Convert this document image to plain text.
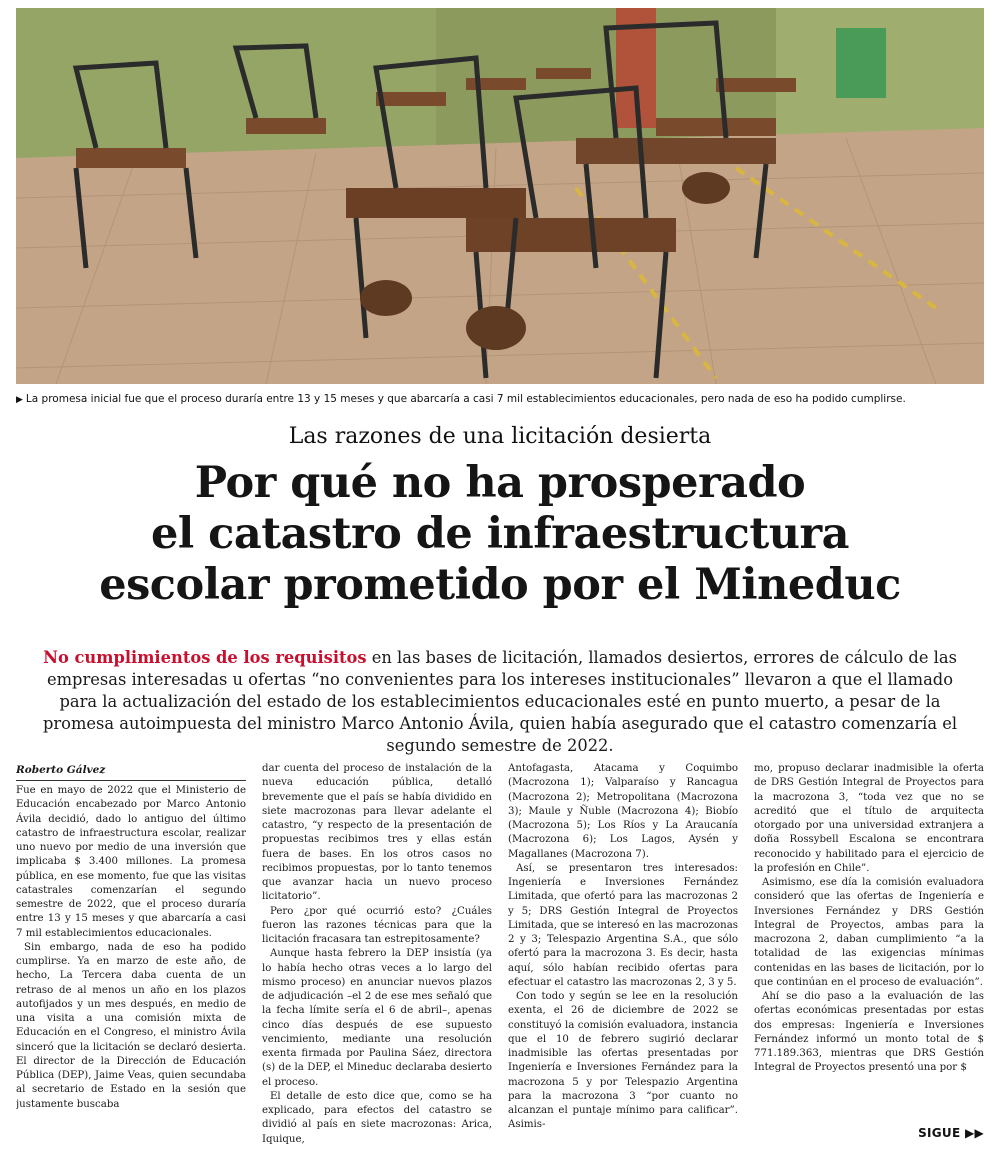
▶ La promesa inicial fue que el proceso duraría entre 13 y 15 meses y que abarcaría a casi 7 mil establecimientos educacionales, pero nada de eso ha podido cumplirse.
Las razones de una licitación desierta
Por qué no ha prosperado
el catastro de infraestructura
escolar prometido por el Mineduc
No cumplimientos de los requisitos en las bases de licitación, llamados desiertos, errores de cálculo de las empresas interesadas u ofertas “no convenientes para los intereses institucionales” llevaron a que el llamado para la actualización del estado de los establecimientos educacionales esté en punto muerto, a pesar de la promesa autoimpuesta del ministro Marco Antonio Ávila, quien había asegurado que el catastro comenzaría el segundo semestre de 2022.
Roberto Gálvez

Fue en mayo de 2022 que el Ministerio de Educación encabezado por Marco Antonio Ávila decidió, dado lo antiguo del último catastro de infraestructura escolar, realizar uno nuevo por medio de una inversión que implicaba $ 3.400 millones. La promesa pública, en ese momento, fue que las visitas catastrales comenzarían el segundo semestre de 2022, que el proceso duraría entre 13 y 15 meses y que abarcaría a casi 7 mil establecimientos educacionales.

Sin embargo, nada de eso ha podido cumplirse. Ya en marzo de este año, de hecho, La Tercera daba cuenta de un retraso de al menos un año en los plazos autofijados y un mes después, en medio de una visita a una comisión mixta de Educación en el Congreso, el ministro Ávila sinceró que la licitación se declaró desierta. El director de la Dirección de Educación Pública (DEP), Jaime Veas, quien secundaba al secretario de Estado en la sesión que justamente buscaba

dar cuenta del proceso de instalación de la nueva educación pública, detalló brevemente que el país se había dividido en siete macrozonas para llevar adelante el catastro, “y respecto de la presentación de propuestas recibimos tres y ellas están fuera de bases. En los otros casos no recibimos propuestas, por lo tanto tenemos que avanzar hacia un nuevo proceso licitatorio”.

Pero ¿por qué ocurrió esto? ¿Cuáles fueron las razones técnicas para que la licitación fracasara tan estrepitosamente?

Aunque hasta febrero la DEP insistía (ya lo había hecho otras veces a lo largo del mismo proceso) en anunciar nuevos plazos de adjudicación –el 2 de ese mes señaló que la fecha límite sería el 6 de abril–, apenas cinco días después de ese supuesto vencimiento, mediante una resolución exenta firmada por Paulina Sáez, directora (s) de la DEP, el Mineduc declaraba desierto el proceso.

El detalle de esto dice que, como se ha explicado, para efectos del catastro se dividió al país en siete macrozonas: Arica, Iquique,

Antofagasta, Atacama y Coquimbo (Macrozona 1); Valparaíso y Rancagua (Macrozona 2); Metropolitana (Macrozona 3); Maule y Ñuble (Macrozona 4); Biobío (Macrozona 5); Los Ríos y La Araucanía (Macrozona 6); Los Lagos, Aysén y Magallanes (Macrozona 7).

Así, se presentaron tres interesados: Ingeniería e Inversiones Fernández Limitada, que ofertó para las macrozonas 2 y 5; DRS Gestión Integral de Proyectos Limitada, que se interesó en las macrozonas 2 y 3; Telespazio Argentina S.A., que sólo ofertó para la macrozona 3. Es decir, hasta aquí, sólo habían recibido ofertas para efectuar el catastro las macrozonas 2, 3 y 5.

Con todo y según se lee en la resolución exenta, el 26 de diciembre de 2022 se constituyó la comisión evaluadora, instancia que el 10 de febrero sugirió declarar inadmisible las ofertas presentadas por Ingeniería e Inversiones Fernández para la macrozona 5 y por Telespazio Argentina para la macrozona 3 “por cuanto no alcanzan el puntaje mínimo para calificar”. Asimis-

mo, propuso declarar inadmisible la oferta de DRS Gestión Integral de Proyectos para la macrozona 3, “toda vez que no se acreditó que el título de arquitecta otorgado por una universidad extranjera a doña Rossybell Escalona se encontrara reconocido y habilitado para el ejercicio de la profesión en Chile”.

Asimismo, ese día la comisión evaluadora consideró que las ofertas de Ingeniería e Inversiones Fernández y DRS Gestión Integral de Proyectos, ambas para la macrozona 2, daban cumplimiento “a la totalidad de las exigencias mínimas contenidas en las bases de licitación, por lo que continúan en el proceso de evaluación”.

Ahí se dio paso a la evaluación de las ofertas económicas presentadas por estas dos empresas: Ingeniería e Inversiones Fernández informó un monto total de $ 771.189.363, mientras que DRS Gestión Integral de Proyectos presentó una por $

SIGUE ▶▶
